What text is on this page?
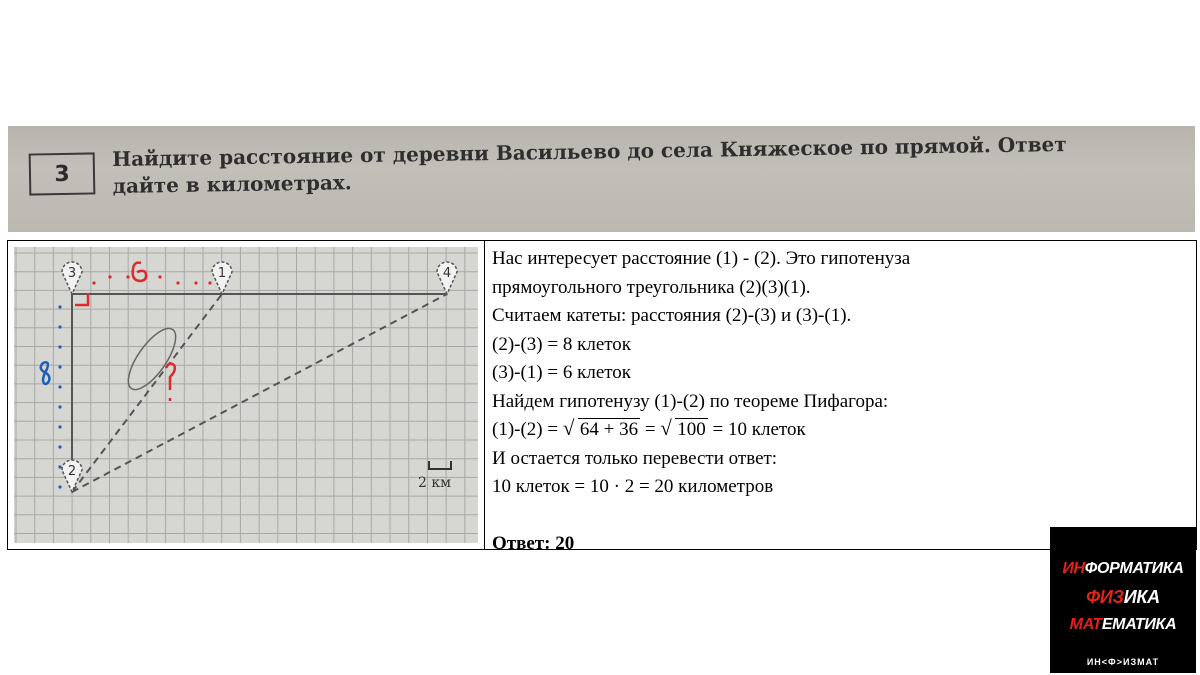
3
Найдите расстояние от деревни Васильево до села Княжеское по прямой. Ответ
дайте в километрах.
3	1	4
2
2 км
Нас интересует расстояние (1) - (2). Это гипотенуза
прямоугольного треугольника (2)(3)(1).
Считаем катеты: расстояния (2)-(3) и (3)-(1).
(2)-(3) = 8 клеток
(3)-(1) = 6 клеток
Найдем гипотенузу (1)-(2) по теореме Пифагора:
(1)-(2) = √ 64 + 36 = √ 100 = 10 клеток
И остается только перевести ответ:
10 клеток = 10 · 2 = 20 километров
Ответ: 20
ИНФОРМАТИКА
ФИЗИКА
МАТЕМАТИКА
ИН<Ф>ИЗМАТ
